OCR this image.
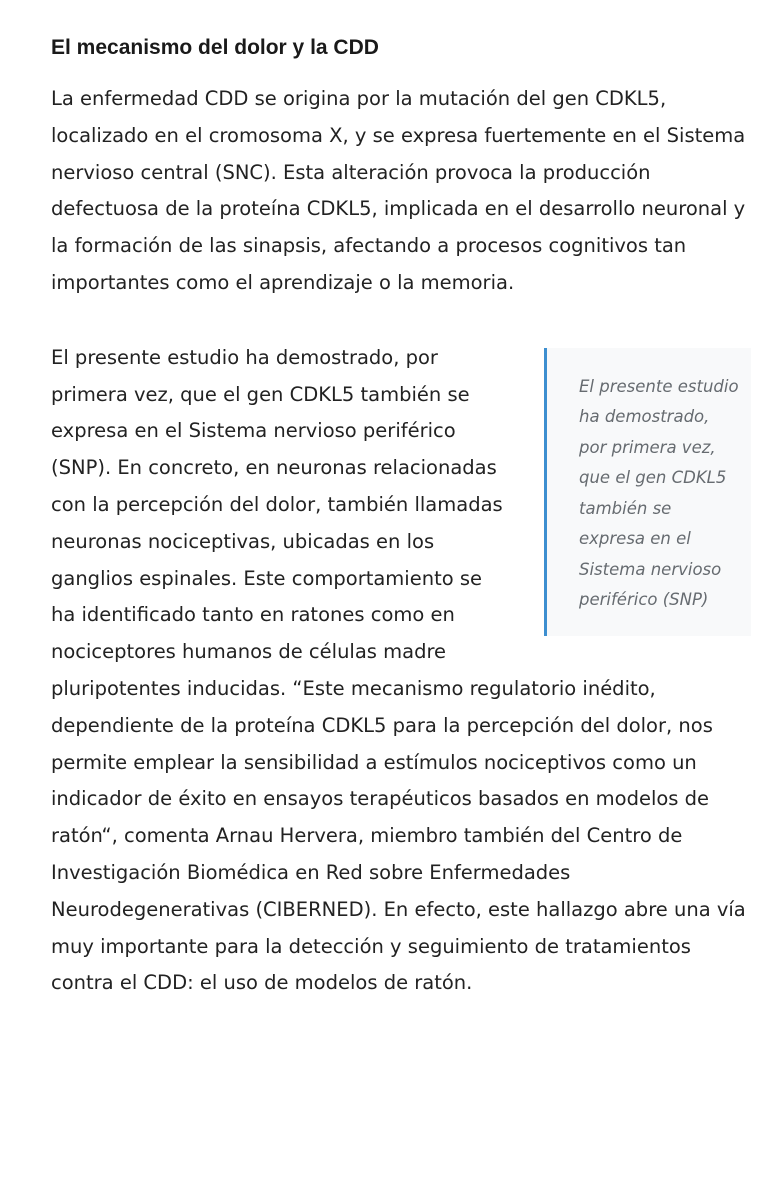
El mecanismo del dolor y la CDD

La enfermedad CDD se origina por la mutación del gen CDKL5, localizado en el cromosoma X, y se expresa fuertemente en el Sistema nervioso central (SNC). Esta alteración provoca la producción defectuosa de la proteína CDKL5, implicada en el desarrollo neuronal y la formación de las sinapsis, afectando a procesos cognitivos tan importantes como el aprendizaje o la memoria.

El presente estudio ha demostrado, por primera vez, que el gen CDKL5 también se expresa en el Sistema nervioso periférico (SNP)

El presente estudio ha demostrado, por primera vez, que el gen CDKL5 también se expresa en el Sistema nervioso periférico (SNP). En concreto, en neuronas relacionadas con la percepción del dolor, también llamadas neuronas nociceptivas, ubicadas en los ganglios espinales. Este comportamiento se ha identificado tanto en ratones como en nociceptores humanos de células madre pluripotentes inducidas. “Este mecanismo regulatorio inédito, dependiente de la proteína CDKL5 para la percepción del dolor, nos permite emplear la sensibilidad a estímulos nociceptivos como un indicador de éxito en ensayos terapéuticos basados en modelos de ratón“, comenta Arnau Hervera, miembro también del Centro de Investigación Biomédica en Red sobre Enfermedades Neurodegenerativas (CIBERNED). En efecto, este hallazgo abre una vía muy importante para la detección y seguimiento de tratamientos contra el CDD: el uso de modelos de ratón.
